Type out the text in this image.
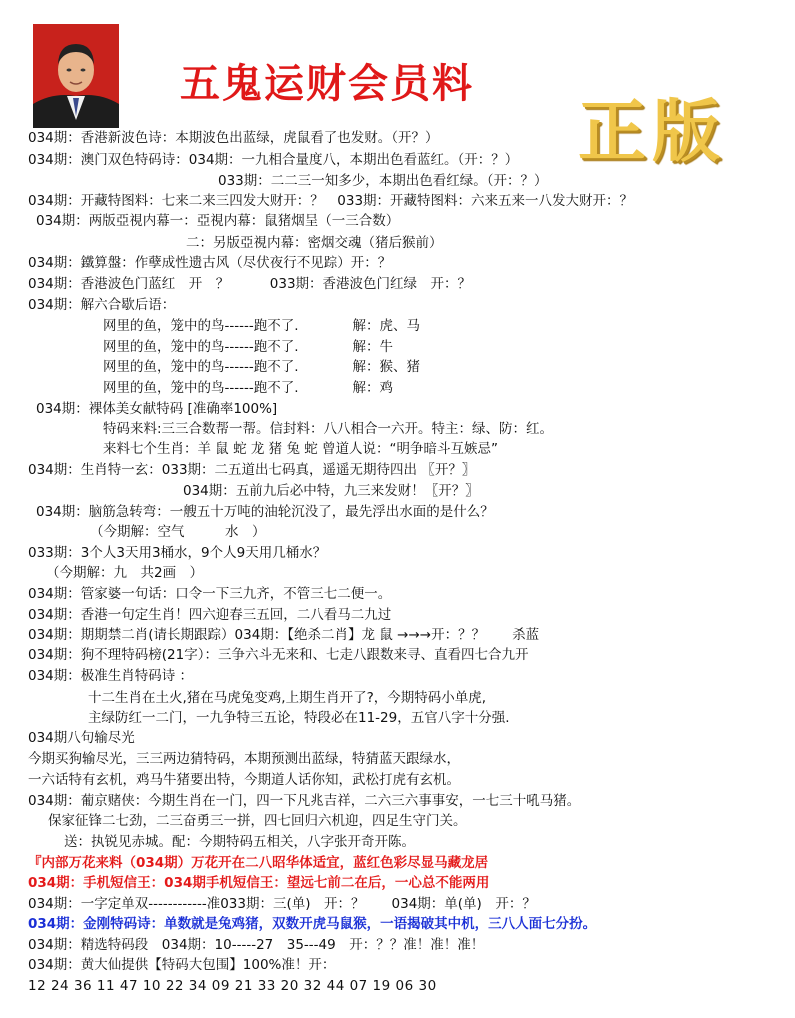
五鬼运财会员料
正版
034期：香港新波色诗：本期波色出蓝绿，虎鼠看了也发财。（开？）
034期：澳门双色特码诗：034期：一九相合量度八，本期出色看蓝红。（开：？）
033期：二二三一知多少，本期出色看红绿。（开：？）
034期：开藏特图料：七来二来三四发大财开：？　033期：开藏特图料：六来五来一八发大财开：？
034期：两版亞視内幕一：亞視内幕：鼠猪烟呈（一三合数）
二：另版亞視内幕：密烟交魂（猪后猴前）
034期：鐵算盤：作孽成性遗古风（尽伏夜行不见踪）开：？
034期：香港波色门蓝红　开　？　　　033期：香港波色门红绿　开：？
034期：解六合歇后语：
网里的鱼，笼中的鸟------跑不了.　　　　解：虎、马
网里的鱼，笼中的鸟------跑不了.　　　　解：牛
网里的鱼，笼中的鸟------跑不了.　　　　解：猴、猪
网里的鱼，笼中的鸟------跑不了.　　　　解：鸡
034期：裸体美女献特码 [准确率100%]
特码来料:三三合数帮一帮。信封料：八八相合一六开。特主：绿、防：红。
来料七个生肖：羊 鼠 蛇 龙 猪 兔 蛇 曾道人说：“明争暗斗互嫉忌”
034期：生肖特一玄：033期：二五道出七码真，遥遥无期待四出 〖开？〗
034期：五前九后必中特，九三来发财！〖开？〗
034期：脑筋急转弯：一艘五十万吨的油轮沉没了，最先浮出水面的是什么？
（今期解：空气　　　水　）
033期：3个人3天用3桶水，9个人9天用几桶水？
（今期解：九　共2画　）
034期：管家婆一句话：口令一下三九齐，不管三七二便一。
034期：香港一句定生肖！四六迎春三五回，二八看马二九过
034期：期期禁二肖(请长期跟踪）034期：【绝杀二肖】龙 鼠 →→→开：？？　　杀蓝
034期：狗不理特码榜(21字）：三争六斗无来和、七走八跟数来寻、直看四七合九开
034期：极准生肖特码诗 ：
十二生肖在土火,猪在马虎兔变鸡,上期生肖开了?，今期特码小单虎,
主绿防红一二门，一九争特三五论，特段必在11-29，五官八字十分强.
034期八句输尽光
今期买狗输尽光，三三两边猜特码，本期预测出蓝绿，特猜蓝天跟绿水，
一六话特有玄机，鸡马牛猪要出特，今期道人话你知，武松打虎有玄机。
034期：葡京赌侠：今期生肖在一门，四一下凡兆吉祥，二六三六事事安，一七三十吼马猪。
保家征锋二七劲，二三奋勇三一拼，四七回归六机迎，四足生守门关。
送：执锐见赤城。配：今期特码五相关，八字张开奇开陈。
『内部万花来料（034期）万花开在二八昭华体适宜，蓝红色彩尽显马藏龙居
034期：手机短信王：034期手机短信王：望远七前二在后，一心总不能两用
034期：一字定单双------------准033期：三(单)　开：？　　034期：单(单)　开：？
034期：金刚特码诗：单数就是兔鸡猪，双数开虎马鼠猴，一语揭破其中机，三八人面七分扮。
034期：精选特码段　034期：10-----27　35---49　开：？？准！准！准！
034期：黄大仙提供【特码大包围】100%准！开：
12 24 36 11 47 10 22 34 09 21 33 20 32 44 07 19 06 30
